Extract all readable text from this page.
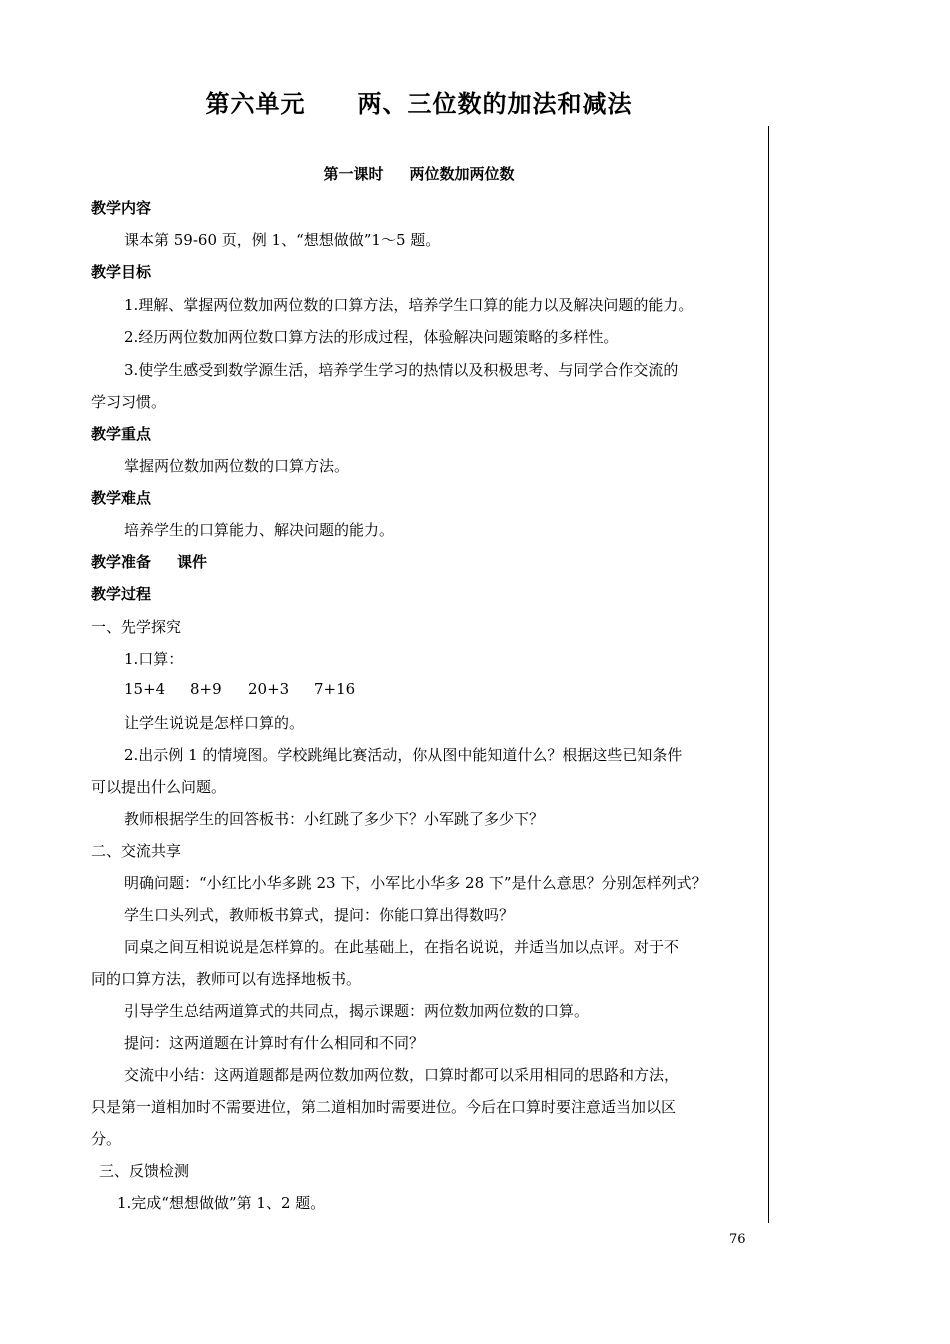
第六单元 两、三位数的加法和减法
第一课时 两位数加两位数
教学内容
课本第 59-60 页，例 1、“想想做做”1～5 题。
教学目标
1.理解、掌握两位数加两位数的口算方法，培养学生口算的能力以及解决问题的能力。
2.经历两位数加两位数口算方法的形成过程，体验解决问题策略的多样性。
3.使学生感受到数学源生活，培养学生学习的热情以及积极思考、与同学合作交流的
学习习惯。
教学重点
掌握两位数加两位数的口算方法。
教学难点
培养学生的口算能力、解决问题的能力。
教学准备 课件
教学过程
一、先学探究
1.口算：
15+4 8+9 20+3 7+16
让学生说说是怎样口算的。
2.出示例 1 的情境图。学校跳绳比赛活动，你从图中能知道什么？根据这些已知条件
可以提出什么问题。
教师根据学生的回答板书：小红跳了多少下？小军跳了多少下？
二、交流共享
明确问题：“小红比小华多跳 23 下，小军比小华多 28 下”是什么意思？分别怎样列式？
学生口头列式，教师板书算式，提问：你能口算出得数吗？
同桌之间互相说说是怎样算的。在此基础上，在指名说说，并适当加以点评。对于不
同的口算方法，教师可以有选择地板书。
引导学生总结两道算式的共同点，揭示课题：两位数加两位数的口算。
提问：这两道题在计算时有什么相同和不同？
交流中小结：这两道题都是两位数加两位数，口算时都可以采用相同的思路和方法，
只是第一道相加时不需要进位，第二道相加时需要进位。今后在口算时要注意适当加以区
分。
三、反馈检测
1.完成“想想做做”第 1、2 题。
76
